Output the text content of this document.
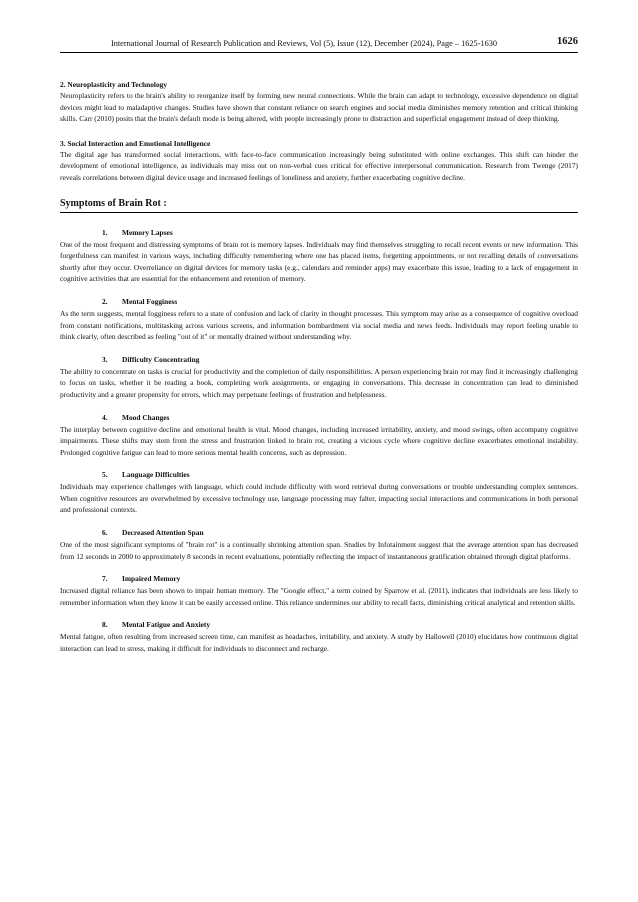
International Journal of Research Publication and Reviews, Vol (5), Issue (12), December (2024), Page – 1625-1630	1626
2. Neuroplasticity and Technology

Neuroplasticity refers to the brain's ability to reorganize itself by forming new neural connections. While the brain can adapt to technology, excessive dependence on digital devices might lead to maladaptive changes. Studies have shown that constant reliance on search engines and social media diminishes memory retention and critical thinking skills. Carr (2010) posits that the brain's default mode is being altered, with people increasingly prone to distraction and superficial engagement instead of deep thinking.

3. Social Interaction and Emotional Intelligence

The digital age has transformed social interactions, with face-to-face communication increasingly being substituted with online exchanges. This shift can hinder the development of emotional intelligence, as individuals may miss out on non-verbal cues critical for effective interpersonal communication. Research from Twenge (2017) reveals correlations between digital device usage and increased feelings of loneliness and anxiety, further exacerbating cognitive decline.

Symptoms of Brain Rot :
1. Memory Lapses

One of the most frequent and distressing symptoms of brain rot is memory lapses. Individuals may find themselves struggling to recall recent events or new information. This forgetfulness can manifest in various ways, including difficulty remembering where one has placed items, forgetting appointments, or not recalling details of conversations shortly after they occur. Overreliance on digital devices for memory tasks (e.g., calendars and reminder apps) may exacerbate this issue, leading to a lack of engagement in cognitive activities that are essential for the enhancement and retention of memory.

2. Mental Fogginess

As the term suggests, mental fogginess refers to a state of confusion and lack of clarity in thought processes. This symptom may arise as a consequence of cognitive overload from constant notifications, multitasking across various screens, and information bombardment via social media and news feeds. Individuals may report feeling unable to think clearly, often described as feeling "out of it" or mentally drained without understanding why.

3. Difficulty Concentrating

The ability to concentrate on tasks is crucial for productivity and the completion of daily responsibilities. A person experiencing brain rot may find it increasingly challenging to focus on tasks, whether it be reading a book, completing work assignments, or engaging in conversations. This decrease in concentration can lead to diminished productivity and a greater propensity for errors, which may perpetuate feelings of frustration and helplessness.

4. Mood Changes

The interplay between cognitive decline and emotional health is vital. Mood changes, including increased irritability, anxiety, and mood swings, often accompany cognitive impairments. These shifts may stem from the stress and frustration linked to brain rot, creating a vicious cycle where cognitive decline exacerbates emotional instability. Prolonged cognitive fatigue can lead to more serious mental health concerns, such as depression.

5. Language Difficulties

Individuals may experience challenges with language, which could include difficulty with word retrieval during conversations or trouble understanding complex sentences. When cognitive resources are overwhelmed by excessive technology use, language processing may falter, impacting social interactions and communications in both personal and professional contexts.

6. Decreased Attention Span

One of the most significant symptoms of "brain rot" is a continually shrinking attention span. Studies by Infotainment suggest that the average attention span has decreased from 12 seconds in 2000 to approximately 8 seconds in recent evaluations, potentially reflecting the impact of instantaneous gratification obtained through digital platforms.

7. Impaired Memory

Increased digital reliance has been shown to impair human memory. The "Google effect," a term coined by Sparrow et al. (2011), indicates that individuals are less likely to remember information when they know it can be easily accessed online. This reliance undermines our ability to recall facts, diminishing critical analytical and retention skills.

8. Mental Fatigue and Anxiety

Mental fatigue, often resulting from increased screen time, can manifest as headaches, irritability, and anxiety. A study by Hallowell (2010) elucidates how continuous digital interaction can lead to stress, making it difficult for individuals to disconnect and recharge.
